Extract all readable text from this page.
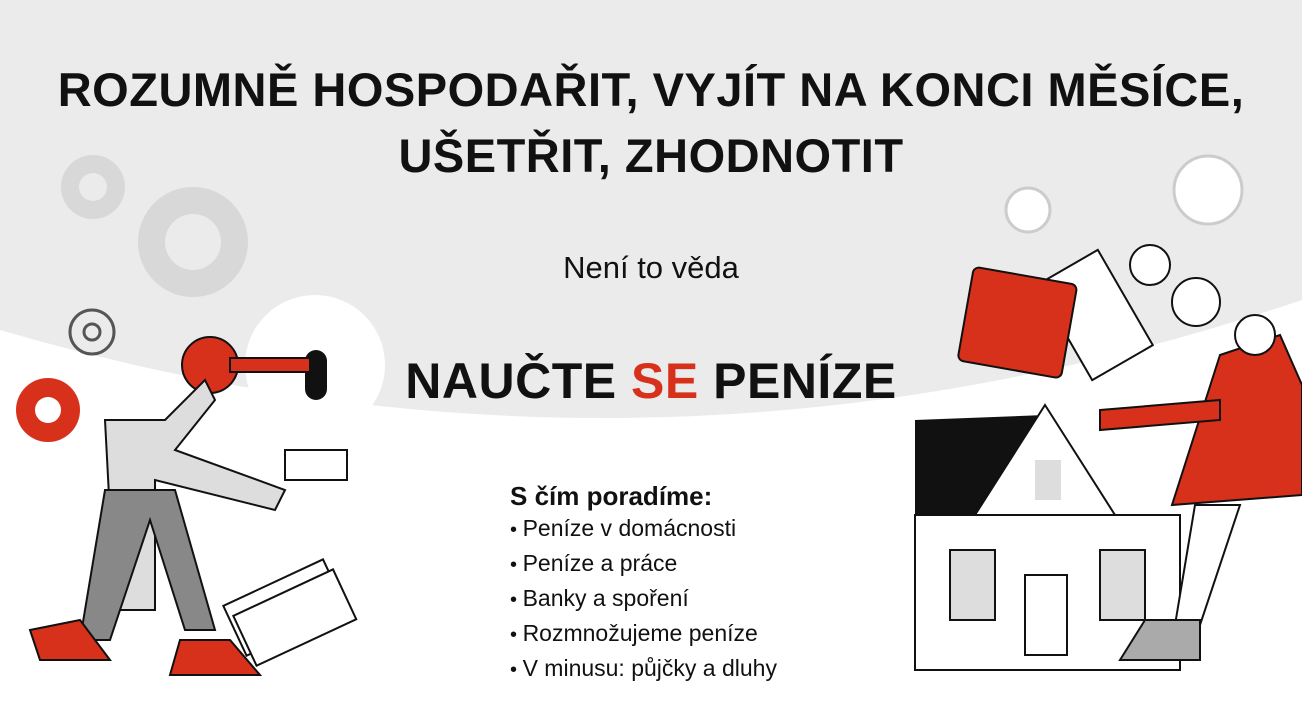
ROZUMNĚ HOSPODAŘIT, VYJÍT NA KONCI MĚSÍCE,
UŠETŘIT, ZHODNOTIT
Není to věda
NAUČTE SE PENÍZE
S čím poradíme:
• Peníze v domácnosti
• Peníze a práce
• Banky a spoření
• Rozmnožujeme peníze
• V minusu: půjčky a dluhy
